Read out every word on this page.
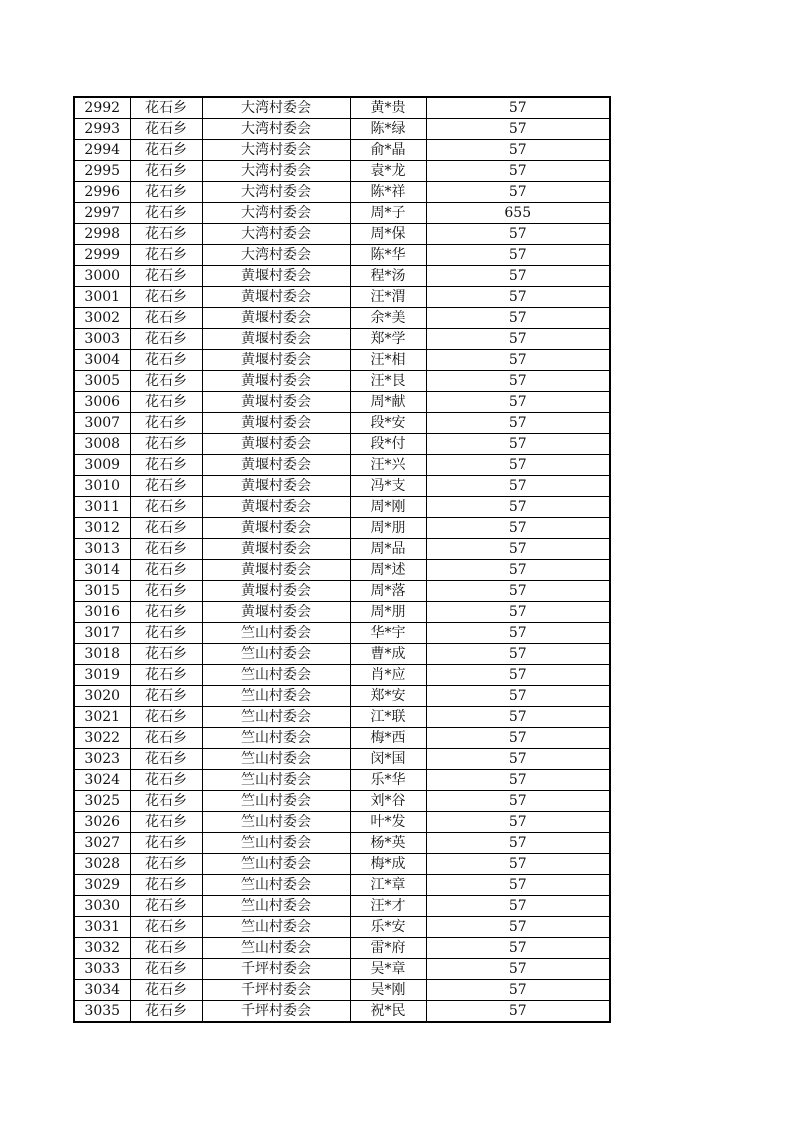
2992	花石乡	大湾村委会	黄*贵	57
2993	花石乡	大湾村委会	陈*绿	57
2994	花石乡	大湾村委会	俞*晶	57
2995	花石乡	大湾村委会	袁*龙	57
2996	花石乡	大湾村委会	陈*祥	57
2997	花石乡	大湾村委会	周*子	655
2998	花石乡	大湾村委会	周*保	57
2999	花石乡	大湾村委会	陈*华	57
3000	花石乡	黄堰村委会	程*汤	57
3001	花石乡	黄堰村委会	汪*渭	57
3002	花石乡	黄堰村委会	余*美	57
3003	花石乡	黄堰村委会	郑*学	57
3004	花石乡	黄堰村委会	汪*相	57
3005	花石乡	黄堰村委会	汪*艮	57
3006	花石乡	黄堰村委会	周*献	57
3007	花石乡	黄堰村委会	段*安	57
3008	花石乡	黄堰村委会	段*付	57
3009	花石乡	黄堰村委会	汪*兴	57
3010	花石乡	黄堰村委会	冯*支	57
3011	花石乡	黄堰村委会	周*刚	57
3012	花石乡	黄堰村委会	周*朋	57
3013	花石乡	黄堰村委会	周*品	57
3014	花石乡	黄堰村委会	周*述	57
3015	花石乡	黄堰村委会	周*落	57
3016	花石乡	黄堰村委会	周*朋	57
3017	花石乡	竺山村委会	华*宇	57
3018	花石乡	竺山村委会	曹*成	57
3019	花石乡	竺山村委会	肖*应	57
3020	花石乡	竺山村委会	郑*安	57
3021	花石乡	竺山村委会	江*联	57
3022	花石乡	竺山村委会	梅*西	57
3023	花石乡	竺山村委会	闵*国	57
3024	花石乡	竺山村委会	乐*华	57
3025	花石乡	竺山村委会	刘*谷	57
3026	花石乡	竺山村委会	叶*发	57
3027	花石乡	竺山村委会	杨*英	57
3028	花石乡	竺山村委会	梅*成	57
3029	花石乡	竺山村委会	江*章	57
3030	花石乡	竺山村委会	汪*才	57
3031	花石乡	竺山村委会	乐*安	57
3032	花石乡	竺山村委会	雷*府	57
3033	花石乡	千坪村委会	吴*章	57
3034	花石乡	千坪村委会	吴*刚	57
3035	花石乡	千坪村委会	祝*民	57
